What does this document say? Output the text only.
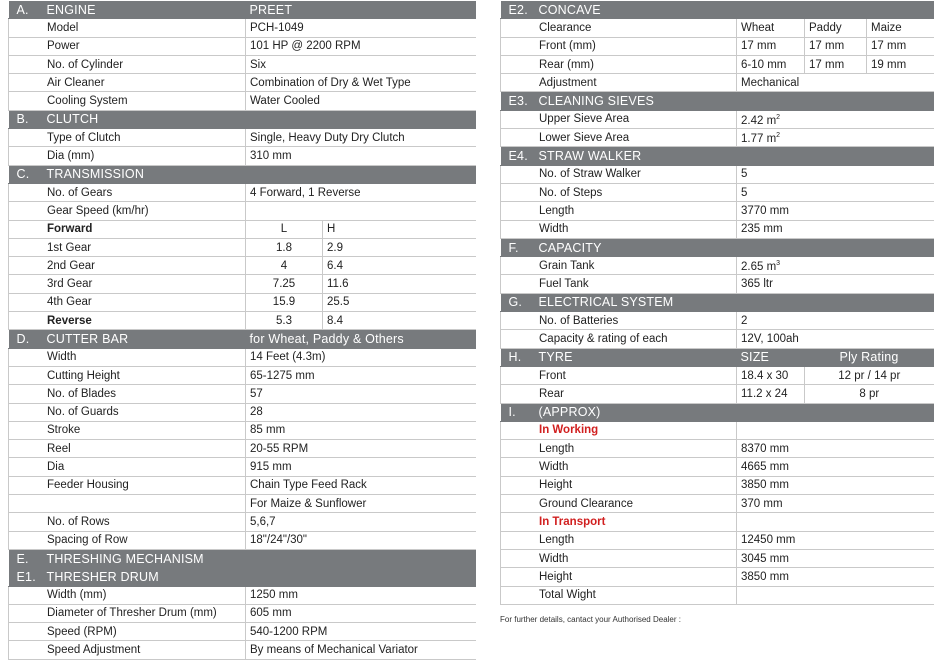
A. ENGINE	PREET	
Model	PCH-1049	
Power	101 HP @ 2200 RPM	
No. of Cylinder	Six	
Air Cleaner	Combination of Dry & Wet Type	
Cooling System	Water Cooled	
B. CLUTCH		
Type of Clutch	Single, Heavy Duty Dry Clutch	
Dia (mm)	310 mm	
C. TRANSMISSION		
No. of Gears	4 Forward, 1 Reverse	
Gear Speed (km/hr)		
Forward	L	H
1st Gear	1.8	2.9
2nd Gear	4	6.4
3rd Gear	7.25	11.6
4th Gear	15.9	25.5
Reverse	5.3	8.4
D. CUTTER BAR	for Wheat, Paddy & Others	
Width	14 Feet (4.3m)	
Cutting Height	65-1275 mm	
No. of Blades	57	
No. of Guards	28	
Stroke	85 mm	
Reel	20-55 RPM	
Dia	915 mm	
Feeder Housing	Chain Type Feed Rack	
	For Maize & Sunflower	
No. of Rows	5,6,7	
Spacing of Row	18"/24"/30"	
E. THRESHING MECHANISM		
E1. THRESHER DRUM		
Width (mm)	1250 mm	
Diameter of Thresher Drum (mm)	605 mm	
Speed (RPM)	540-1200 RPM	
Speed Adjustment	By means of Mechanical Variator	
E2. CONCAVE			
Clearance	Wheat	Paddy	Maize
Front (mm)	17 mm	17 mm	17 mm
Rear (mm)	6-10 mm	17 mm	19 mm
Adjustment	Mechanical		
E3. CLEANING SIEVES			
Upper Sieve Area	2.42 $m^2$
Lower Sieve Area	1.77 $m^2$
E4. STRAW WALKER			
No. of Straw Walker	5		
No. of Steps	5		
Length	3770 mm		
Width	235 mm		
F. CAPACITY			
Grain Tank	2.65 $m^3$
Fuel Tank	365 ltr		
G. ELECTRICAL SYSTEM			
No. of Batteries	2		
Capacity & rating of each	12V, 100ah		
H. TYRE	SIZE	Ply Rating	
Front	18.4 x 30	12 pr / 14 pr	
Rear	11.2 x 24	8 pr	
I. (APPROX)			
In Working			
Length	8370 mm		
Width	4665 mm		
Height	3850 mm		
Ground Clearance	370 mm		
In Transport			
Length	12450 mm		
Width	3045 mm		
Height	3850 mm		
Total Wight			
For further details, cantact your Authorised Dealer :
